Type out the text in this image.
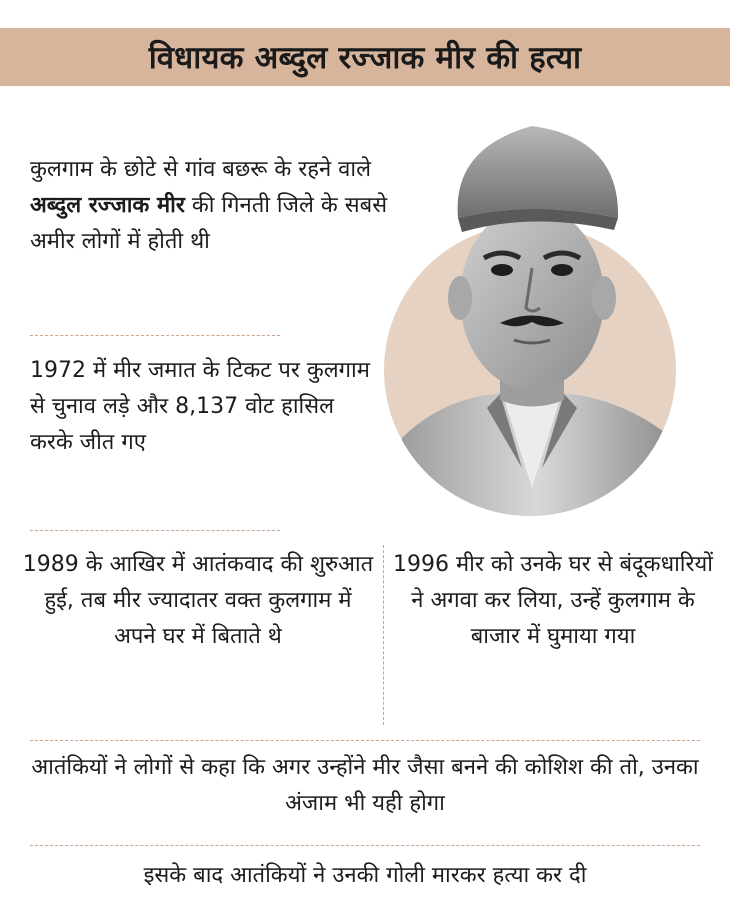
विधायक अब्दुल रज्जाक मीर की हत्या

कुलगाम के छोटे से गांव बछरू के रहने वाले अब्दुल रज्जाक मीर की गिनती जिले के सबसे अमीर लोगों में होती थी

1972 में मीर जमात के टिकट पर कुलगाम से चुनाव लड़े और 8,137 वोट हासिल करके जीत गए

1989 के आखिर में आतंकवाद की शुरुआत हुई, तब मीर ज्यादातर वक्त कुलगाम में अपने घर में बिताते थे

1996 मीर को उनके घर से बंदूकधारियों ने अगवा कर लिया, उन्हें कुलगाम के बाजार में घुमाया गया

आतंकियों ने लोगों से कहा कि अगर उन्होंने मीर जैसा बनने की कोशिश की तो, उनका अंजाम भी यही होगा

इसके बाद आतंकियों ने उनकी गोली मारकर हत्या कर दी
